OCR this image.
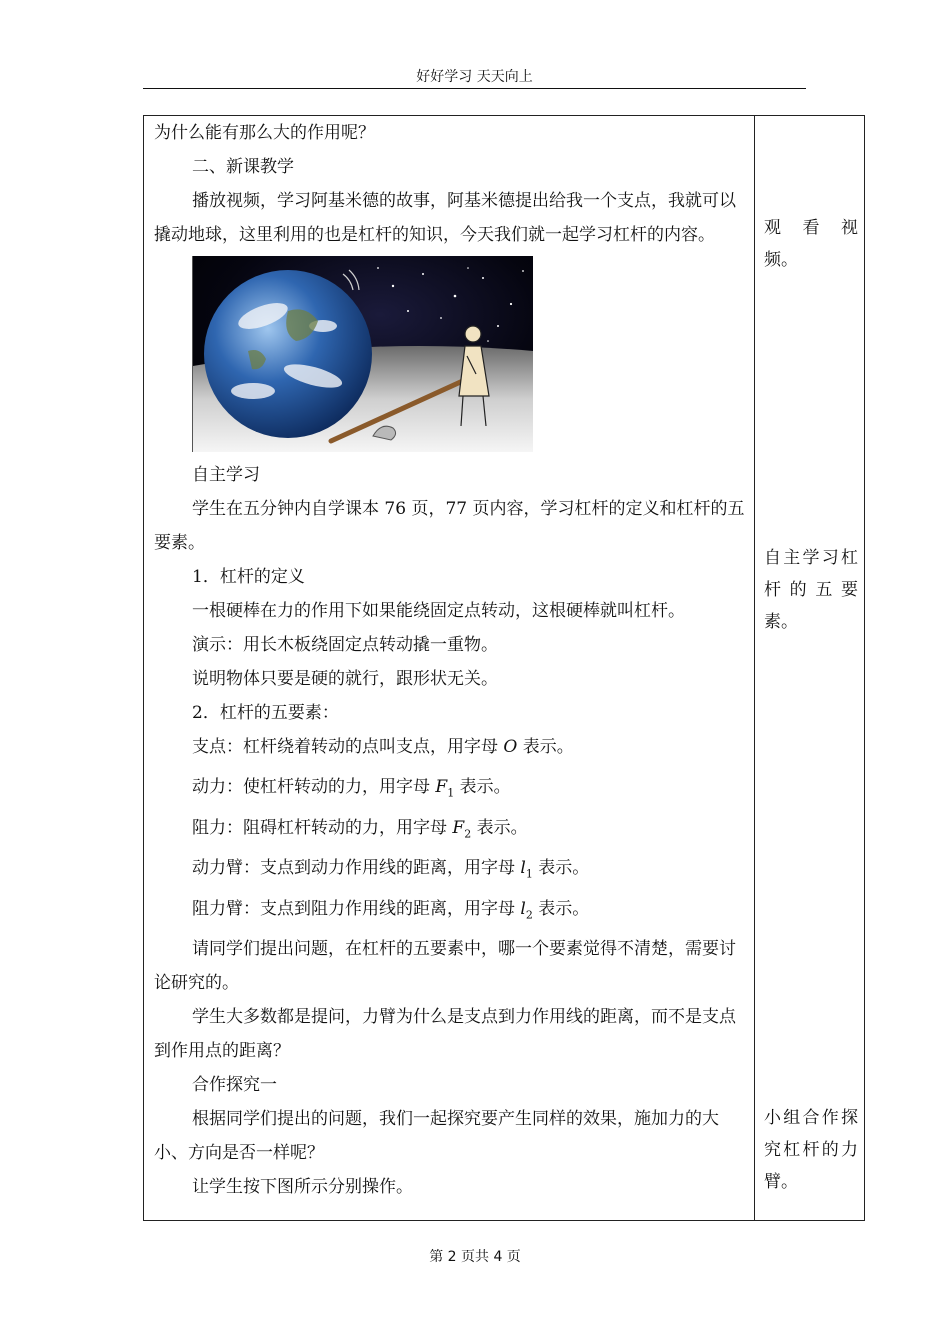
好好学习 天天向上

为什么能有那么大的作用呢？

二、新课教学

播放视频，学习阿基米德的故事，阿基米德提出给我一个支点，我就可以撬动地球，这里利用的也是杠杆的知识，今天我们就一起学习杠杆的内容。

自主学习

学生在五分钟内自学课本 76 页，77 页内容，学习杠杆的定义和杠杆的五要素。

1．杠杆的定义

一根硬棒在力的作用下如果能绕固定点转动，这根硬棒就叫杠杆。

演示：用长木板绕固定点转动撬一重物。

说明物体只要是硬的就行，跟形状无关。

2．杠杆的五要素：

支点：杠杆绕着转动的点叫支点，用字母 O 表示。

动力：使杠杆转动的力，用字母 $F_1$ 表示。

阻力：阻碍杠杆转动的力，用字母 $F_2$ 表示。

动力臂：支点到动力作用线的距离，用字母 $l_1$ 表示。

阻力臂：支点到阻力作用线的距离，用字母 $l_2$ 表示。

请同学们提出问题，在杠杆的五要素中，哪一个要素觉得不清楚，需要讨论研究的。

学生大多数都是提问，力臂为什么是支点到力作用线的距离，而不是支点到作用点的距离？

合作探究一

根据同学们提出的问题，我们一起探究要产生同样的效果，施加力的大小、方向是否一样呢？

让学生按下图所示分别操作。

观 看 视频。

自主学习杠杆的五要素。

小组合作探究杠杆的力臂。

第 2 页共 4 页
